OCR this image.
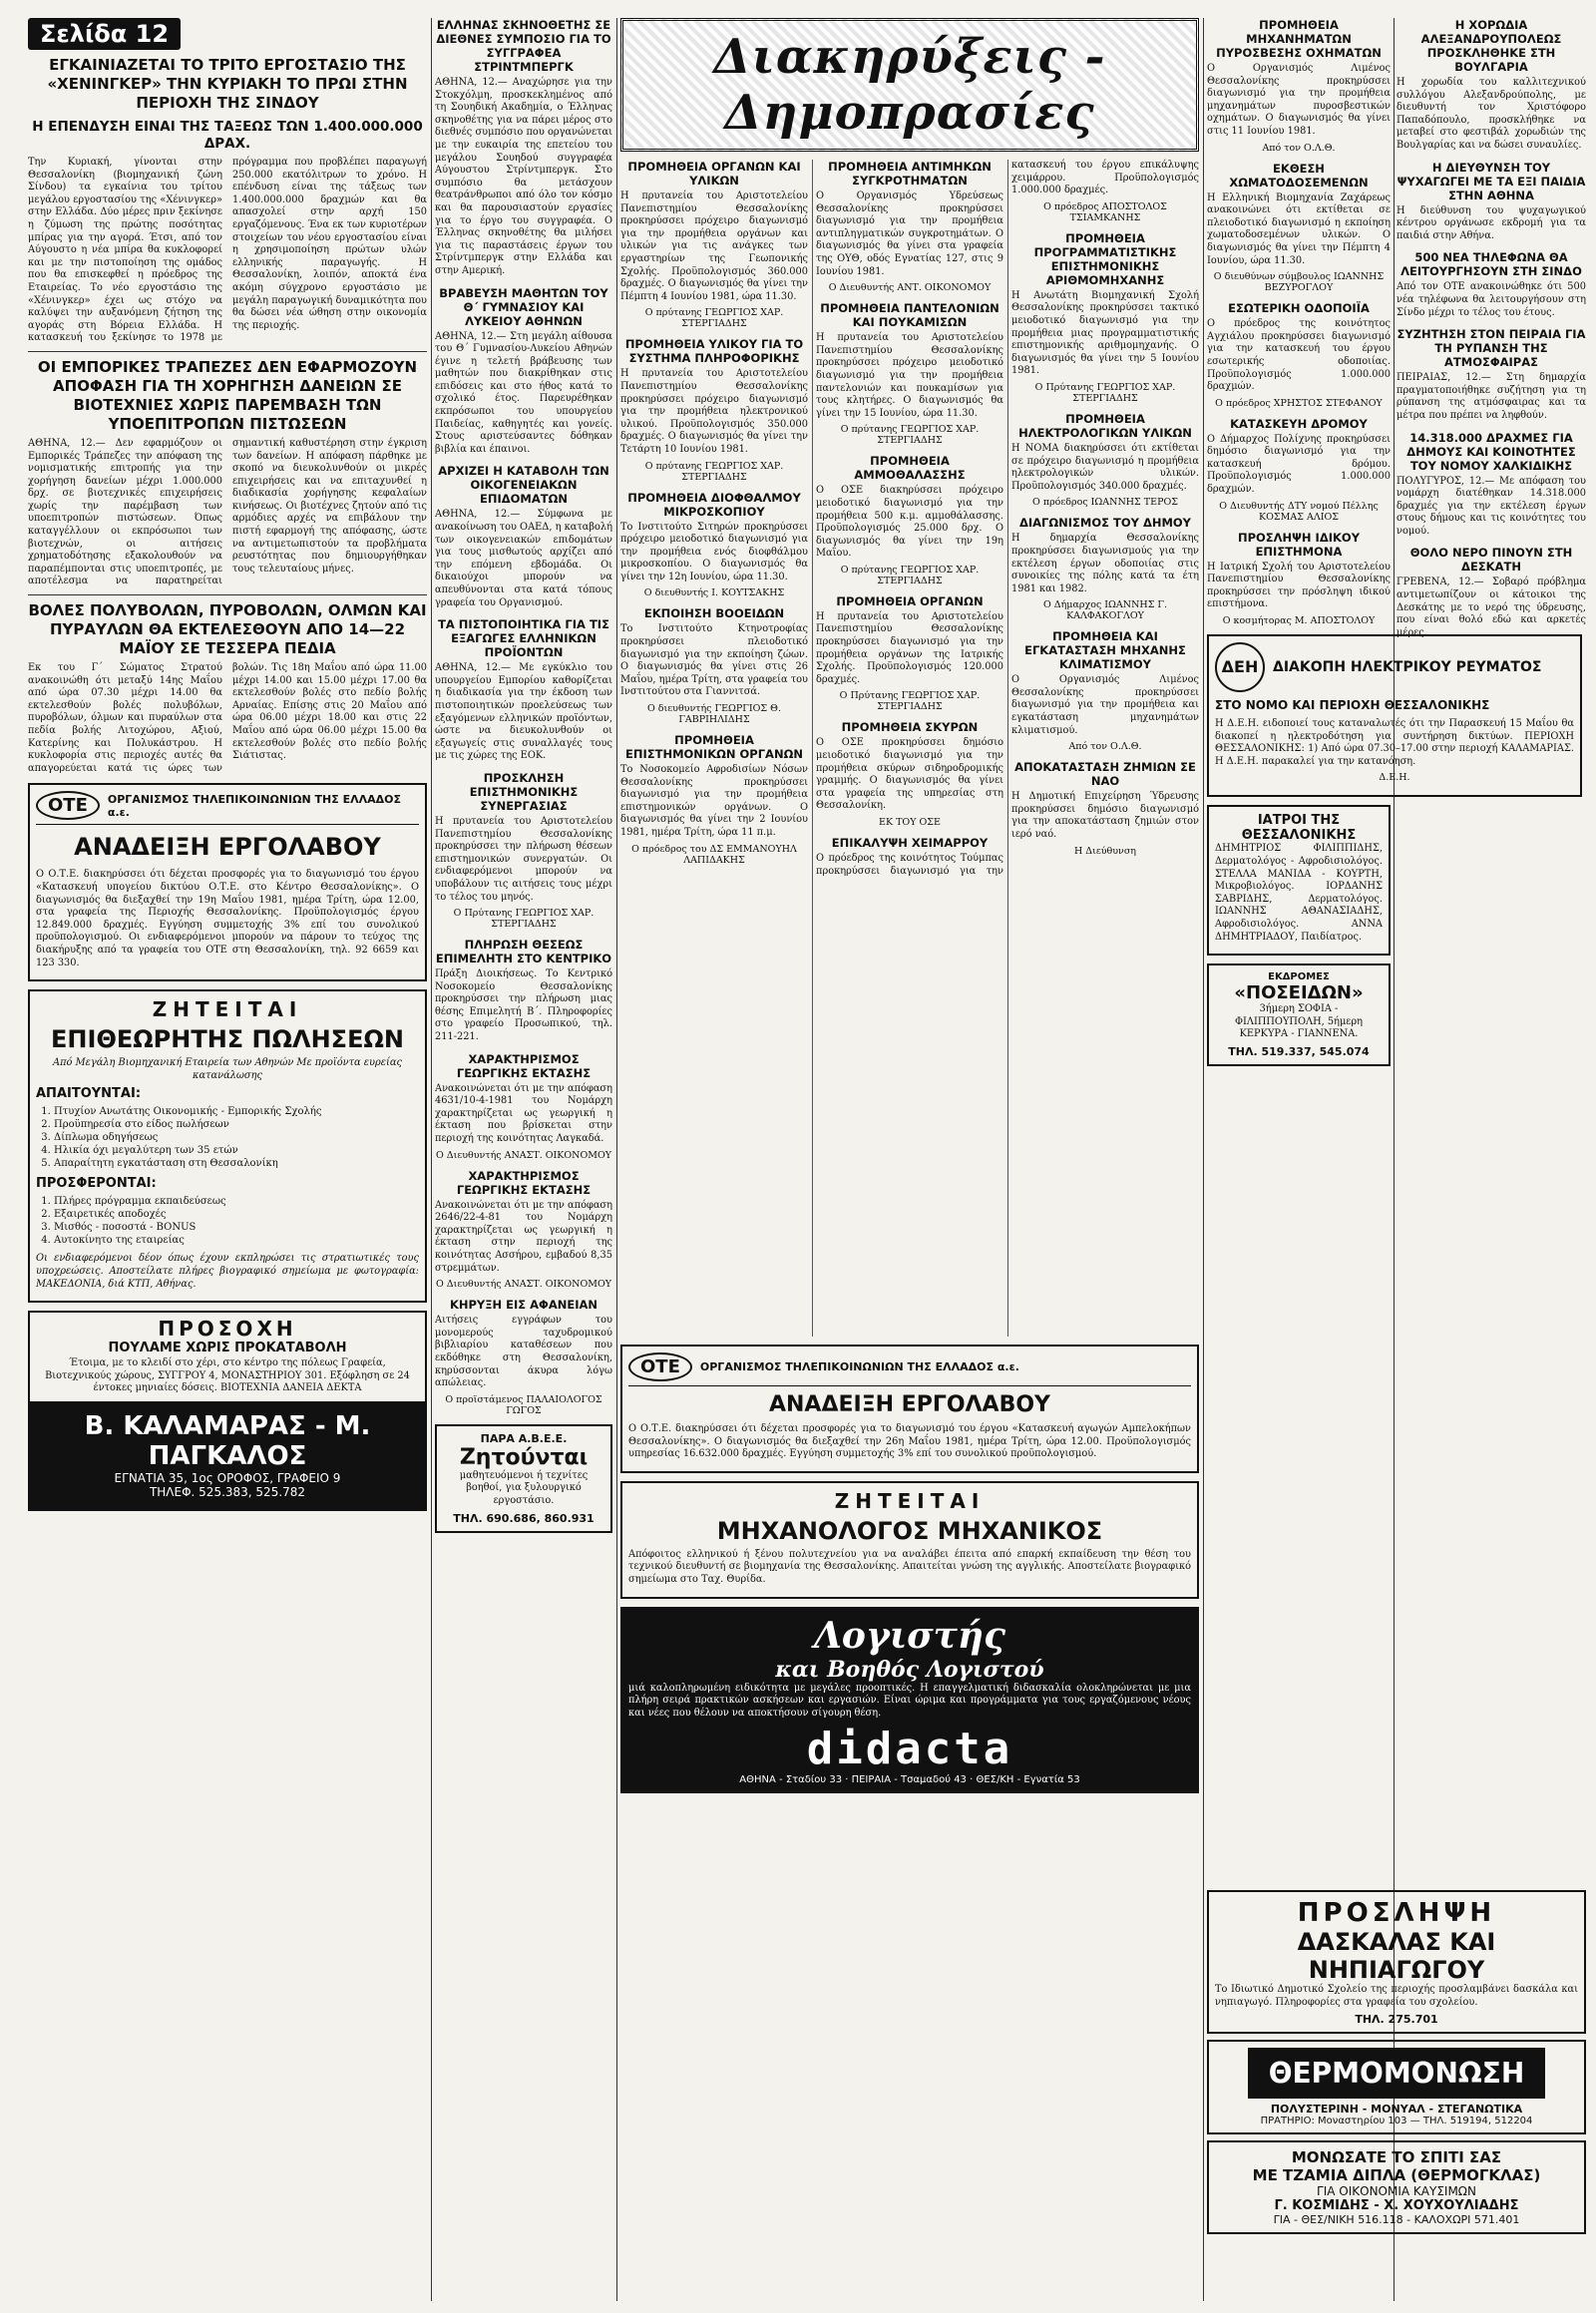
Σελίδα 12
ΕΓΚΑΙΝΙΑΖΕΤΑΙ ΤΟ ΤΡΙΤΟ ΕΡΓΟΣΤΑΣΙΟ ΤΗΣ «ΧΕΝΙΝΓΚΕΡ» ΤΗΝ ΚΥΡΙΑΚΗ ΤΟ ΠΡΩΙ ΣΤΗΝ ΠΕΡΙΟΧΗ ΤΗΣ ΣΙΝΔΟΥ
Η ΕΠΕΝΔΥΣΗ ΕΙΝΑΙ ΤΗΣ ΤΑΞΕΩΣ ΤΩΝ 1.400.000.000 ΔΡΑΧ.

Την Κυριακή, γίνονται στην Θεσσαλονίκη (βιομηχανική ζώνη Σίνδου) τα εγκαίνια του τρίτου μεγάλου εργοστασίου της «Χένινγκερ» στην Ελλάδα. Δύο μέρες πριν ξεκίνησε η ζύμωση της πρώτης ποσότητας μπίρας για την αγορά. Έτσι, από τον Αύγουστο η νέα μπίρα θα κυκλοφορεί και με την πιστοποίηση της ομάδος που θα επισκεφθεί η πρόεδρος της Εταιρείας. Το νέο εργοστάσιο της «Χένινγκερ» έχει ως στόχο να καλύψει την αυξανόμενη ζήτηση της αγοράς στη Βόρεια Ελλάδα. Η κατασκευή του ξεκίνησε το 1978 με πρόγραμμα που προβλέπει παραγωγή 250.000 εκατόλιτρων το χρόνο. Η επένδυση είναι της τάξεως των 1.400.000.000 δραχμών και θα απασχολεί στην αρχή 150 εργαζόμενους. Ένα εκ των κυριοτέρων στοιχείων του νέου εργοστασίου είναι η χρησιμοποίηση πρώτων υλών ελληνικής παραγωγής. Η Θεσσαλονίκη, λοιπόν, αποκτά ένα ακόμη σύγχρονο εργοστάσιο με μεγάλη παραγωγική δυναμικότητα που θα δώσει νέα ώθηση στην οικονομία της περιοχής.

ΟΙ ΕΜΠΟΡΙΚΕΣ ΤΡΑΠΕΖΕΣ ΔΕΝ ΕΦΑΡΜΟΖΟΥΝ ΑΠΟΦΑΣΗ ΓΙΑ ΤΗ ΧΟΡΗΓΗΣΗ ΔΑΝΕΙΩΝ ΣΕ ΒΙΟΤΕΧΝΙΕΣ ΧΩΡΙΣ ΠΑΡΕΜΒΑΣΗ ΤΩΝ ΥΠΟΕΠΙΤΡΟΠΩΝ ΠΙΣΤΩΣΕΩΝ

ΑΘΗΝΑ, 12.— Δεν εφαρμόζουν οι Εμπορικές Τράπεζες την απόφαση της νομισματικής επιτροπής για την χορήγηση δανείων μέχρι 1.000.000 δρχ. σε βιοτεχνικές επιχειρήσεις χωρίς την παρέμβαση των υποεπιτροπών πιστώσεων. Όπως καταγγέλλουν οι εκπρόσωποι των βιοτεχνών, οι αιτήσεις χρηματοδότησης εξακολουθούν να παραπέμπονται στις υποεπιτροπές, με αποτέλεσμα να παρατηρείται σημαντική καθυστέρηση στην έγκριση των δανείων. Η απόφαση πάρθηκε με σκοπό να διευκολυνθούν οι μικρές επιχειρήσεις και να επιταχυνθεί η διαδικασία χορήγησης κεφαλαίων κινήσεως. Οι βιοτέχνες ζητούν από τις αρμόδιες αρχές να επιβάλουν την πιστή εφαρμογή της απόφασης, ώστε να αντιμετωπιστούν τα προβλήματα ρευστότητας που δημιουργήθηκαν τους τελευταίους μήνες.

ΒΟΛΕΣ ΠΟΛΥΒΟΛΩΝ, ΠΥΡΟΒΟΛΩΝ, ΟΛΜΩΝ ΚΑΙ ΠΥΡΑΥΛΩΝ ΘΑ ΕΚΤΕΛΕΣΘΟΥΝ ΑΠΟ 14—22 ΜΑΪΟΥ ΣΕ ΤΕΣΣΕΡΑ ΠΕΔΙΑ

Εκ του Γ΄ Σώματος Στρατού ανακοινώθη ότι μεταξύ 14ης Μαΐου από ώρα 07.30 μέχρι 14.00 θα εκτελεσθούν βολές πολυβόλων, πυροβόλων, όλμων και πυραύλων στα πεδία βολής Λιτοχώρου, Αξιού, Κατερίνης και Πολυκάστρου. Η κυκλοφορία στις περιοχές αυτές θα απαγορεύεται κατά τις ώρες των βολών. Τις 18η Μαΐου από ώρα 11.00 μέχρι 14.00 και 15.00 μέχρι 17.00 θα εκτελεσθούν βολές στο πεδίο βολής Αρναίας. Επίσης στις 20 Μαΐου από ώρα 06.00 μέχρι 18.00 και στις 22 Μαΐου από ώρα 06.00 μέχρι 15.00 θα εκτελεσθούν βολές στο πεδίο βολής Σιάτιστας.

ΟΤΕ	ΟΡΓΑΝΙΣΜΟΣ ΤΗΛΕΠΙΚΟΙΝΩΝΙΩΝ ΤΗΣ ΕΛΛΑΔΟΣ α.ε.
ΑΝΑΔΕΙΞΗ ΕΡΓΟΛΑΒΟΥ

Ο Ο.Τ.Ε. διακηρύσσει ότι δέχεται προσφορές για το διαγωνισμό του έργου «Κατασκευή υπογείου δικτύου Ο.Τ.Ε. στο Κέντρο Θεσσαλονίκης». Ο διαγωνισμός θα διεξαχθεί την 19η Μαΐου 1981, ημέρα Τρίτη, ώρα 12.00, στα γραφεία της Περιοχής Θεσσαλονίκης. Προϋπολογισμός έργου 12.849.000 δραχμές. Εγγύηση συμμετοχής 3% επί του συνολικού προϋπολογισμού. Οι ενδιαφερόμενοι μπορούν να πάρουν το τεύχος της διακήρυξης από τα γραφεία του ΟΤΕ στη Θεσσαλονίκη, τηλ. 92 6659 και 123 330.

ΖΗΤΕΙΤΑΙ
ΕΠΙΘΕΩΡΗΤΗΣ ΠΩΛΗΣΕΩΝ

Από Μεγάλη Βιομηχανική Εταιρεία των Αθηνών Με προϊόντα ευρείας κατανάλωσης

ΑΠΑΙΤΟΥΝΤΑΙ:
1. Πτυχίον Ανωτάτης Οικονομικής - Εμπορικής Σχολής
2. Προϋπηρεσία στο είδος πωλήσεων
3. Δίπλωμα οδηγήσεως
4. Ηλικία όχι μεγαλύτερη των 35 ετών
5. Απαραίτητη εγκατάσταση στη Θεσσαλονίκη
ΠΡΟΣΦΕΡΟΝΤΑΙ:
1. Πλήρες πρόγραμμα εκπαιδεύσεως
2. Εξαιρετικές αποδοχές
3. Μισθός - ποσοστά - BONUS
4. Αυτοκίνητο της εταιρείας

Οι ενδιαφερόμενοι δέον όπως έχουν εκπληρώσει τις στρατιωτικές τους υποχρεώσεις. Αποστείλατε πλήρες βιογραφικό σημείωμα με φωτογραφία: ΜΑΚΕΔΟΝΙΑ, διά ΚΤΠ, Αθήνας.

ΠΡΟΣΟΧΗ
ΠΟΥΛΑΜΕ ΧΩΡΙΣ ΠΡΟΚΑΤΑΒΟΛΗ

Έτοιμα, με το κλειδί στο χέρι, στο κέντρο της πόλεως Γραφεία, Βιοτεχνικούς χώρους, ΣΥΓΓΡΟΥ 4, ΜΟΝΑΣΤΗΡΙΟΥ 301. Εξόφληση σε 24 έντοκες μηνιαίες δόσεις. ΒΙΟΤΕΧΝΙΑ ΔΑΝΕΙΑ ΔΕΚΤΑ

Β. ΚΑΛΑΜΑΡΑΣ - Μ. ΠΑΓΚΑΛΟΣ
ΕΓΝΑΤΙΑ 35, 1ος ΟΡΟΦΟΣ, ΓΡΑΦΕΙΟ 9
ΤΗΛΕΦ. 525.383, 525.782
ΕΛΛΗΝΑΣ ΣΚΗΝΟΘΕΤΗΣ ΣΕ ΔΙΕΘΝΕΣ ΣΥΜΠΟΣΙΟ ΓΙΑ ΤΟ ΣΥΓΓΡΑΦΕΑ ΣΤΡΙΝΤΜΠΕΡΓΚ

ΑΘΗΝΑ, 12.— Αναχώρησε για την Στοκχόλμη, προσκεκλημένος από τη Σουηδική Ακαδημία, ο Έλληνας σκηνοθέτης για να πάρει μέρος στο διεθνές συμπόσιο που οργανώνεται με την ευκαιρία της επετείου του μεγάλου Σουηδού συγγραφέα Αύγουστου Στρίντμπεργκ. Στο συμπόσιο θα μετάσχουν θεατράνθρωποι από όλο τον κόσμο και θα παρουσιαστούν εργασίες για το έργο του συγγραφέα. Ο Έλληνας σκηνοθέτης θα μιλήσει για τις παραστάσεις έργων του Στρίντμπεργκ στην Ελλάδα και στην Αμερική.

ΒΡΑΒΕΥΣΗ ΜΑΘΗΤΩΝ ΤΟΥ Θ΄ ΓΥΜΝΑΣΙΟΥ ΚΑΙ ΛΥΚΕΙΟΥ ΑΘΗΝΩΝ

ΑΘΗΝΑ, 12.— Στη μεγάλη αίθουσα του Θ΄ Γυμνασίου-Λυκείου Αθηνών έγινε η τελετή βράβευσης των μαθητών που διακρίθηκαν στις επιδόσεις και στο ήθος κατά το σχολικό έτος. Παρευρέθηκαν εκπρόσωποι του υπουργείου Παιδείας, καθηγητές και γονείς. Στους αριστεύσαντες δόθηκαν βιβλία και έπαινοι.

ΑΡΧΙΖΕΙ Η ΚΑΤΑΒΟΛΗ ΤΩΝ ΟΙΚΟΓΕΝΕΙΑΚΩΝ ΕΠΙΔΟΜΑΤΩΝ

ΑΘΗΝΑ, 12.— Σύμφωνα με ανακοίνωση του ΟΑΕΔ, η καταβολή των οικογενειακών επιδομάτων για τους μισθωτούς αρχίζει από την επόμενη εβδομάδα. Οι δικαιούχοι μπορούν να απευθύνονται στα κατά τόπους γραφεία του Οργανισμού.

ΤΑ ΠΙΣΤΟΠΟΙΗΤΙΚΑ ΓΙΑ ΤΙΣ ΕΞΑΓΩΓΕΣ ΕΛΛΗΝΙΚΩΝ ΠΡΟΪΟΝΤΩΝ

ΑΘΗΝΑ, 12.— Με εγκύκλιο του υπουργείου Εμπορίου καθορίζεται η διαδικασία για την έκδοση των πιστοποιητικών προελεύσεως των εξαγόμενων ελληνικών προϊόντων, ώστε να διευκολυνθούν οι εξαγωγείς στις συναλλαγές τους με τις χώρες της ΕΟΚ.

ΠΡΟΣΚΛΗΣΗ ΕΠΙΣΤΗΜΟΝΙΚΗΣ ΣΥΝΕΡΓΑΣΙΑΣ

Η πρυτανεία του Αριστοτελείου Πανεπιστημίου Θεσσαλονίκης προκηρύσσει την πλήρωση θέσεων επιστημονικών συνεργατών. Οι ενδιαφερόμενοι μπορούν να υποβάλουν τις αιτήσεις τους μέχρι το τέλος του μηνός.

Ο Πρύτανης ΓΕΩΡΓΙΟΣ ΧΑΡ. ΣΤΕΡΓΙΑΔΗΣ
ΠΛΗΡΩΣΗ ΘΕΣΕΩΣ ΕΠΙΜΕΛΗΤΗ ΣΤΟ ΚΕΝΤΡΙΚΟ

Πράξη Διοικήσεως. Το Κεντρικό Νοσοκομείο Θεσσαλονίκης προκηρύσσει την πλήρωση μιας θέσης Επιμελητή Β΄. Πληροφορίες στο γραφείο Προσωπικού, τηλ. 211-221.

ΧΑΡΑΚΤΗΡΙΣΜΟΣ ΓΕΩΡΓΙΚΗΣ ΕΚΤΑΣΗΣ

Ανακοινώνεται ότι με την απόφαση 4631/10-4-1981 του Νομάρχη χαρακτηρίζεται ως γεωργική η έκταση που βρίσκεται στην περιοχή της κοινότητας Λαγκαδά.

Ο Διευθυντής ΑΝΑΣΤ. ΟΙΚΟΝΟΜΟΥ
ΧΑΡΑΚΤΗΡΙΣΜΟΣ ΓΕΩΡΓΙΚΗΣ ΕΚΤΑΣΗΣ

Ανακοινώνεται ότι με την απόφαση 2646/22-4-81 του Νομάρχη χαρακτηρίζεται ως γεωργική η έκταση στην περιοχή της κοινότητας Ασσήρου, εμβαδού 8,35 στρεμμάτων.

Ο Διευθυντής ΑΝΑΣΤ. ΟΙΚΟΝΟΜΟΥ
ΚΗΡΥΞΗ ΕΙΣ ΑΦΑΝΕΙΑΝ

Αιτήσεις εγγράφων του μονομερούς ταχυδρομικού βιβλιαρίου καταθέσεων που εκδόθηκε στη Θεσσαλονίκη, κηρύσσονται άκυρα λόγω απώλειας.

Ο προϊστάμενος ΠΑΛΑΙΟΛΟΓΟΣ ΓΩΓΟΣ
ΠΑΡΑ Α.Β.Ε.Ε.
Ζητούνται

μαθητευόμενοι ή τεχνίτες βοηθοί, για ξυλουργικό εργοστάσιο.

ΤΗΛ. 690.686, 860.931
Διακηρύξεις - Δημοπρασίες
ΠΡΟΜΗΘΕΙΑ ΟΡΓΑΝΩΝ ΚΑΙ ΥΛΙΚΩΝ

Η πρυτανεία του Αριστοτελείου Πανεπιστημίου Θεσσαλονίκης προκηρύσσει πρόχειρο διαγωνισμό για την προμήθεια οργάνων και υλικών για τις ανάγκες των εργαστηρίων της Γεωπονικής Σχολής. Προϋπολογισμός 360.000 δραχμές. Ο διαγωνισμός θα γίνει την Πέμπτη 4 Ιουνίου 1981, ώρα 11.30.

Ο πρύτανης ΓΕΩΡΓΙΟΣ ΧΑΡ. ΣΤΕΡΓΙΑΔΗΣ
ΠΡΟΜΗΘΕΙΑ ΥΛΙΚΟΥ ΓΙΑ ΤΟ ΣΥΣΤΗΜΑ ΠΛΗΡΟΦΟΡΙΚΗΣ

Η πρυτανεία του Αριστοτελείου Πανεπιστημίου Θεσσαλονίκης προκηρύσσει πρόχειρο διαγωνισμό για την προμήθεια ηλεκτρονικού υλικού. Προϋπολογισμός 350.000 δραχμές. Ο διαγωνισμός θα γίνει την Τετάρτη 10 Ιουνίου 1981.

Ο πρύτανης ΓΕΩΡΓΙΟΣ ΧΑΡ. ΣΤΕΡΓΙΑΔΗΣ
ΠΡΟΜΗΘΕΙΑ ΔΙΟΦΘΑΛΜΟΥ ΜΙΚΡΟΣΚΟΠΙΟΥ

Το Ινστιτούτο Σιτηρών προκηρύσσει πρόχειρο μειοδοτικό διαγωνισμό για την προμήθεια ενός διοφθάλμου μικροσκοπίου. Ο διαγωνισμός θα γίνει την 12η Ιουνίου, ώρα 11.30.

Ο διευθυντής Ι. ΚΟΥΤΣΑΚΗΣ
ΕΚΠΟΙΗΣΗ ΒΟΟΕΙΔΩΝ

Το Ινστιτούτο Κτηνοτροφίας προκηρύσσει πλειοδοτικό διαγωνισμό για την εκποίηση ζώων. Ο διαγωνισμός θα γίνει στις 26 Μαΐου, ημέρα Τρίτη, στα γραφεία του Ινστιτούτου στα Γιαννιτσά.

Ο διευθυντής ΓΕΩΡΓΙΟΣ Θ. ΓΑΒΡΙΗΛΙΔΗΣ
ΠΡΟΜΗΘΕΙΑ ΕΠΙΣΤΗΜΟΝΙΚΩΝ ΟΡΓΑΝΩΝ

Το Νοσοκομείο Αφροδισίων Νόσων Θεσσαλονίκης προκηρύσσει διαγωνισμό για την προμήθεια επιστημονικών οργάνων. Ο διαγωνισμός θα γίνει την 2 Ιουνίου 1981, ημέρα Τρίτη, ώρα 11 π.μ.

Ο πρόεδρος του ΔΣ ΕΜΜΑΝΟΥΗΛ ΛΑΠΙΔΑΚΗΣ
ΠΡΟΜΗΘΕΙΑ ΑΝΤΙΜΗΚΩΝ ΣΥΓΚΡΟΤΗΜΑΤΩΝ

Ο Οργανισμός Υδρεύσεως Θεσσαλονίκης προκηρύσσει διαγωνισμό για την προμήθεια αντιπληγματικών συγκροτημάτων. Ο διαγωνισμός θα γίνει στα γραφεία της ΟΥΘ, οδός Εγνατίας 127, στις 9 Ιουνίου 1981.

Ο Διευθυντής ΑΝΤ. ΟΙΚΟΝΟΜΟΥ
ΠΡΟΜΗΘΕΙΑ ΠΑΝΤΕΛΟΝΙΩΝ ΚΑΙ ΠΟΥΚΑΜΙΣΩΝ

Η πρυτανεία του Αριστοτελείου Πανεπιστημίου Θεσσαλονίκης προκηρύσσει πρόχειρο μειοδοτικό διαγωνισμό για την προμήθεια παντελονιών και πουκαμίσων για τους κλητήρες. Ο διαγωνισμός θα γίνει την 15 Ιουνίου, ώρα 11.30.

Ο πρύτανης ΓΕΩΡΓΙΟΣ ΧΑΡ. ΣΤΕΡΓΙΑΔΗΣ
ΠΡΟΜΗΘΕΙΑ ΑΜΜΟΘΑΛΑΣΣΗΣ

Ο ΟΣΕ διακηρύσσει πρόχειρο μειοδοτικό διαγωνισμό για την προμήθεια 500 κ.μ. αμμοθάλασσης. Προϋπολογισμός 25.000 δρχ. Ο διαγωνισμός θα γίνει την 19η Μαΐου.

Ο πρύτανης ΓΕΩΡΓΙΟΣ ΧΑΡ. ΣΤΕΡΓΙΑΔΗΣ
ΠΡΟΜΗΘΕΙΑ ΟΡΓΑΝΩΝ

Η πρυτανεία του Αριστοτελείου Πανεπιστημίου Θεσσαλονίκης προκηρύσσει διαγωνισμό για την προμήθεια οργάνων της Ιατρικής Σχολής. Προϋπολογισμός 120.000 δραχμές.

Ο Πρύτανης ΓΕΩΡΓΙΟΣ ΧΑΡ. ΣΤΕΡΓΙΑΔΗΣ
ΠΡΟΜΗΘΕΙΑ ΣΚΥΡΩΝ

Ο ΟΣΕ προκηρύσσει δημόσιο μειοδοτικό διαγωνισμό για την προμήθεια σκύρων σιδηροδρομικής γραμμής. Ο διαγωνισμός θα γίνει στα γραφεία της υπηρεσίας στη Θεσσαλονίκη.

ΕΚ ΤΟΥ ΟΣΕ
ΕΠΙΚΑΛΥΨΗ ΧΕΙΜΑΡΡΟΥ

Ο πρόεδρος της κοινότητος Τούμπας προκηρύσσει διαγωνισμό για την κατασκευή του έργου επικάλυψης χειμάρρου. Προϋπολογισμός 1.000.000 δραχμές.

Ο πρόεδρος ΑΠΟΣΤΟΛΟΣ ΤΣΙΑΜΚΑΝΗΣ
ΠΡΟΜΗΘΕΙΑ ΠΡΟΓΡΑΜΜΑΤΙΣΤΙΚΗΣ ΕΠΙΣΤΗΜΟΝΙΚΗΣ ΑΡΙΘΜΟΜΗΧΑΝΗΣ

Η Ανωτάτη Βιομηχανική Σχολή Θεσσαλονίκης προκηρύσσει τακτικό μειοδοτικό διαγωνισμό για την προμήθεια μιας προγραμματιστικής επιστημονικής αριθμομηχανής. Ο διαγωνισμός θα γίνει την 5 Ιουνίου 1981.

Ο Πρύτανης ΓΕΩΡΓΙΟΣ ΧΑΡ. ΣΤΕΡΓΙΑΔΗΣ
ΠΡΟΜΗΘΕΙΑ ΗΛΕΚΤΡΟΛΟΓΙΚΩΝ ΥΛΙΚΩΝ

Η ΝΟΜΑ διακηρύσσει ότι εκτίθεται σε πρόχειρο διαγωνισμό η προμήθεια ηλεκτρολογικών υλικών. Προϋπολογισμός 340.000 δραχμές.

Ο πρόεδρος ΙΩΑΝΝΗΣ ΤΕΡΟΣ
ΔΙΑΓΩΝΙΣΜΟΣ ΤΟΥ ΔΗΜΟΥ

Η δημαρχία Θεσσαλονίκης προκηρύσσει διαγωνισμούς για την εκτέλεση έργων οδοποιίας στις συνοικίες της πόλης κατά τα έτη 1981 και 1982.

Ο Δήμαρχος ΙΩΑΝΝΗΣ Γ. ΚΑΛΦΑΚΟΓΛΟΥ
ΠΡΟΜΗΘΕΙΑ ΚΑΙ ΕΓΚΑΤΑΣΤΑΣΗ ΜΗΧΑΝΗΣ ΚΛΙΜΑΤΙΣΜΟΥ

Ο Οργανισμός Λιμένος Θεσσαλονίκης προκηρύσσει διαγωνισμό για την προμήθεια και εγκατάσταση μηχανημάτων κλιματισμού.

Από τον Ο.Λ.Θ.
ΑΠΟΚΑΤΑΣΤΑΣΗ ΖΗΜΙΩΝ ΣΕ ΝΑΟ

Η Δημοτική Επιχείρηση Ύδρευσης προκηρύσσει δημόσιο διαγωνισμό για την αποκατάσταση ζημιών στον ιερό ναό.

Η Διεύθυνση
ΟΤΕ	ΟΡΓΑΝΙΣΜΟΣ ΤΗΛΕΠΙΚΟΙΝΩΝΙΩΝ ΤΗΣ ΕΛΛΑΔΟΣ α.ε.
ΑΝΑΔΕΙΞΗ ΕΡΓΟΛΑΒΟΥ

Ο Ο.Τ.Ε. διακηρύσσει ότι δέχεται προσφορές για το διαγωνισμό του έργου «Κατασκευή αγωγών Αμπελοκήπων Θεσσαλονίκης». Ο διαγωνισμός θα διεξαχθεί την 26η Μαΐου 1981, ημέρα Τρίτη, ώρα 12.00. Προϋπολογισμός υπηρεσίας 16.632.000 δραχμές. Εγγύηση συμμετοχής 3% επί του συνολικού προϋπολογισμού.

ΖΗΤΕΙΤΑΙ
ΜΗΧΑΝΟΛΟΓΟΣ ΜΗΧΑΝΙΚΟΣ

Απόφοιτος ελληνικού ή ξένου πολυτεχνείου για να αναλάβει έπειτα από επαρκή εκπαίδευση την θέση του τεχνικού διευθυντή σε βιομηχανία της Θεσσαλονίκης. Απαιτείται γνώση της αγγλικής. Αποστείλατε βιογραφικό σημείωμα στο Ταχ. Θυρίδα.

Λογιστής
και Βοηθός Λογιστού

μιά καλοπληρωμένη ειδικότητα με μεγάλες προοπτικές. Η επαγγελματική διδασκαλία ολοκληρώνεται με μια πλήρη σειρά πρακτικών ασκήσεων και εργασιών. Είναι ώριμα και προγράμματα για τους εργαζόμενους νέους και νέες που θέλουν να αποκτήσουν σίγουρη θέση.

didacta
ΑΘΗΝΑ - Σταδίου 33 · ΠΕΙΡΑΙΑ - Τσαμαδού 43 · ΘΕΣ/ΚΗ - Εγνατία 53
ΠΡΟΜΗΘΕΙΑ ΜΗΧΑΝΗΜΑΤΩΝ ΠΥΡΟΣΒΕΣΗΣ ΟΧΗΜΑΤΩΝ

Ο Οργανισμός Λιμένος Θεσσαλονίκης προκηρύσσει διαγωνισμό για την προμήθεια μηχανημάτων πυροσβεστικών οχημάτων. Ο διαγωνισμός θα γίνει στις 11 Ιουνίου 1981.

Από τον Ο.Λ.Θ.
ΕΚΘΕΣΗ ΧΩΜΑΤΟΔΟΣΕΜΕΝΩΝ

Η Ελληνική Βιομηχανία Ζαχάρεως ανακοινώνει ότι εκτίθεται σε πλειοδοτικό διαγωνισμό η εκποίηση χωματοδοσεμένων υλικών. Ο διαγωνισμός θα γίνει την Πέμπτη 4 Ιουνίου, ώρα 11.30.

Ο διευθύνων σύμβουλος ΙΩΑΝΝΗΣ ΒΕΖΥΡΟΓΛΟΥ
ΕΣΩΤΕΡΙΚΗ ΟΔΟΠΟΙΪΑ

Ο πρόεδρος της κοινότητος Αγχιάλου προκηρύσσει διαγωνισμό για την κατασκευή του έργου εσωτερικής οδοποιίας. Προϋπολογισμός 1.000.000 δραχμών.

Ο πρόεδρος ΧΡΗΣΤΟΣ ΣΤΕΦΑΝΟΥ
ΚΑΤΑΣΚΕΥΗ ΔΡΟΜΟΥ

Ο Δήμαρχος Πολίχνης προκηρύσσει δημόσιο διαγωνισμό για την κατασκευή δρόμου. Προϋπολογισμός 1.000.000 δραχμών.

Ο Διευθυντής ΔΤΥ νομού Πέλλης ΚΟΣΜΑΣ ΑΛΙΟΣ
ΠΡΟΣΛΗΨΗ ΙΔΙΚΟΥ ΕΠΙΣΤΗΜΟΝΑ

Η Ιατρική Σχολή του Αριστοτελείου Πανεπιστημίου Θεσσαλονίκης προκηρύσσει την πρόσληψη ιδικού επιστήμονα.

Ο κοσμήτορας Μ. ΑΠΟΣΤΟΛΟΥ
ΔΕΗ	ΔΙΑΚΟΠΗ ΗΛΕΚΤΡΙΚΟΥ ΡΕΥΜΑΤΟΣ
ΣΤΟ ΝΟΜΟ ΚΑΙ ΠΕΡΙΟΧΗ ΘΕΣΣΑΛΟΝΙΚΗΣ

Η Δ.Ε.Η. ειδοποιεί τους καταναλωτές ότι την Παρασκευή 15 Μαΐου θα διακοπεί η ηλεκτροδότηση για συντήρηση δικτύων. ΠΕΡΙΟΧΗ ΘΕΣΣΑΛΟΝΙΚΗΣ: 1) Από ώρα 07.30–17.00 στην περιοχή ΚΑΛΑΜΑΡΙΑΣ. Η Δ.Ε.Η. παρακαλεί για την κατανόηση.

Δ.Ε.Η.
ΙΑΤΡΟΙ ΤΗΣ ΘΕΣΣΑΛΟΝΙΚΗΣ

ΔΗΜΗΤΡΙΟΣ ΦΙΛΙΠΠΙΔΗΣ, Δερματολόγος - Αφροδισιολόγος. ΣΤΕΛΛΑ ΜΑΝΙΔΑ - ΚΟΥΡΤΗ, Μικροβιολόγος. ΙΟΡΔΑΝΗΣ ΣΑΒΡΙΔΗΣ, Δερματολόγος. ΙΩΑΝΝΗΣ ΑΘΑΝΑΣΙΑΔΗΣ, Αφροδισιολόγος. ΑΝΝΑ ΔΗΜΗΤΡΙΑΔΟΥ, Παιδίατρος.

ΕΚΔΡΟΜΕΣ
«ΠΟΣΕΙΔΩΝ»

3ήμερη ΣΟΦΙΑ - ΦΙΛΙΠΠΟΥΠΟΛΗ, 5ήμερη ΚΕΡΚΥΡΑ - ΓΙΑΝΝΕΝΑ.

ΤΗΛ. 519.337, 545.074
Η ΧΟΡΩΔΙΑ ΑΛΕΞΑΝΔΡΟΥΠΟΛΕΩΣ ΠΡΟΣΚΛΗΘΗΚΕ ΣΤΗ ΒΟΥΛΓΑΡΙΑ

Η χορωδία του καλλιτεχνικού συλλόγου Αλεξανδρούπολης, με διευθυντή τον Χριστόφορο Παπαδόπουλο, προσκλήθηκε να μεταβεί στο φεστιβάλ χορωδιών της Βουλγαρίας και να δώσει συναυλίες.

Η ΔΙΕΥΘΥΝΣΗ ΤΟΥ ΨΥΧΑΓΩΓΕΙ ΜΕ ΤΑ ΕΞΙ ΠΑΙΔΙΑ ΣΤΗΝ ΑΘΗΝΑ

Η διεύθυνση του ψυχαγωγικού κέντρου οργάνωσε εκδρομή για τα παιδιά στην Αθήνα.

500 ΝΕΑ ΤΗΛΕΦΩΝΑ ΘΑ ΛΕΙΤΟΥΡΓΗΣΟΥΝ ΣΤΗ ΣΙΝΔΟ

Από τον ΟΤΕ ανακοινώθηκε ότι 500 νέα τηλέφωνα θα λειτουργήσουν στη Σίνδο μέχρι το τέλος του έτους.

ΣΥΖΗΤΗΣΗ ΣΤΟΝ ΠΕΙΡΑΙΑ ΓΙΑ ΤΗ ΡΥΠΑΝΣΗ ΤΗΣ ΑΤΜΟΣΦΑΙΡΑΣ

ΠΕΙΡΑΙΑΣ, 12.— Στη δημαρχία πραγματοποιήθηκε συζήτηση για τη ρύπανση της ατμόσφαιρας και τα μέτρα που πρέπει να ληφθούν.

14.318.000 ΔΡΑΧΜΕΣ ΓΙΑ ΔΗΜΟΥΣ ΚΑΙ ΚΟΙΝΟΤΗΤΕΣ ΤΟΥ ΝΟΜΟΥ ΧΑΛΚΙΔΙΚΗΣ

ΠΟΛΥΓΥΡΟΣ, 12.— Με απόφαση του νομάρχη διατέθηκαν 14.318.000 δραχμές για την εκτέλεση έργων στους δήμους και τις κοινότητες του νομού.

ΘΟΛΟ ΝΕΡΟ ΠΙΝΟΥΝ ΣΤΗ ΔΕΣΚΑΤΗ

ΓΡΕΒΕΝΑ, 12.— Σοβαρό πρόβλημα αντιμετωπίζουν οι κάτοικοι της Δεσκάτης με το νερό της ύδρευσης, που είναι θολό εδώ και αρκετές μέρες.

ΠΡΟΣΛΗΨΗ
ΔΑΣΚΑΛΑΣ ΚΑΙ ΝΗΠΙΑΓΩΓΟΥ

Το Ιδιωτικό Δημοτικό Σχολείο της περιοχής προσλαμβάνει δασκάλα και νηπιαγωγό. Πληροφορίες στα γραφεία του σχολείου.

ΤΗΛ. 275.701
ΘΕΡΜΟΜΟΝΩΣΗ
ΠΟΛΥΣΤΕΡΙΝΗ - ΜΟΝΥΑΛ - ΣΤΕΓΑΝΩΤΙΚΑ
ΠΡΑΤΗΡΙΟ: Μοναστηρίου 103 — ΤΗΛ. 519194, 512204
ΜΟΝΩΣΑΤΕ ΤΟ ΣΠΙΤΙ ΣΑΣ
ΜΕ ΤΖΑΜΙΑ ΔΙΠΛΑ (ΘΕΡΜΟΓΚΛΑΣ)
ΓΙΑ ΟΙΚΟΝΟΜΙΑ ΚΑΥΣΙΜΩΝ
Γ. ΚΟΣΜΙΔΗΣ - Χ. ΧΟΥΧΟΥΛΙΑΔΗΣ
ΓΙΑ - ΘΕΣ/ΝΙΚΗ 516.118 - ΚΑΛΟΧΩΡΙ 571.401
